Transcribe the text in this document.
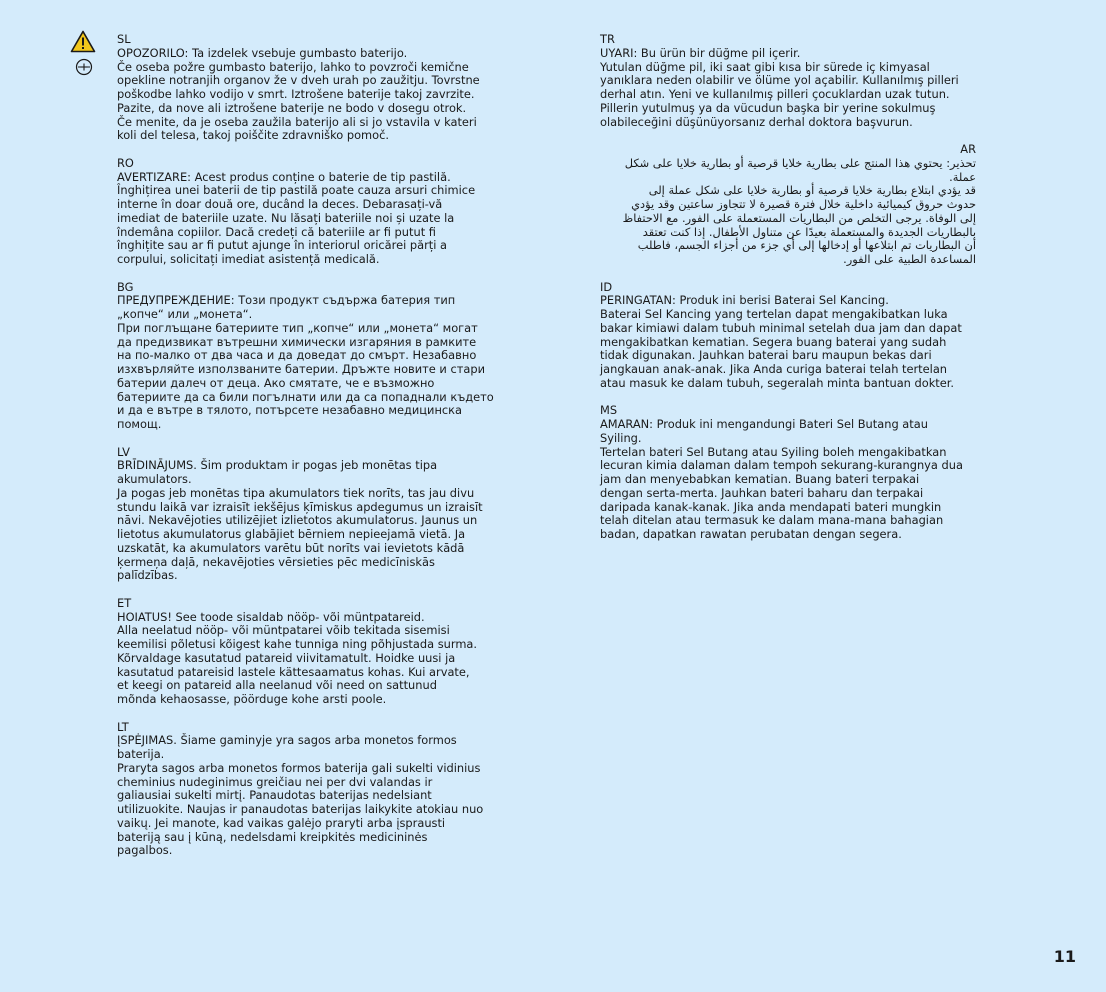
SL
OPOZORILO: Ta izdelek vsebuje gumbasto baterijo.
Če oseba požre gumbasto baterijo, lahko to povzroči kemične
opekline notranjih organov že v dveh urah po zaužitju. Tovrstne
poškodbe lahko vodijo v smrt. Iztrošene baterije takoj zavrzite.
Pazite, da nove ali iztrošene baterije ne bodo v dosegu otrok.
Če menite, da je oseba zaužila baterijo ali si jo vstavila v kateri
koli del telesa, takoj poiščite zdravniško pomoč.
RO
AVERTIZARE: Acest produs conține o baterie de tip pastilă.
Înghițirea unei baterii de tip pastilă poate cauza arsuri chimice
interne în doar două ore, ducând la deces. Debarasați-vă
imediat de bateriile uzate. Nu lăsați bateriile noi și uzate la
îndemâna copiilor. Dacă credeți că bateriile ar fi putut fi
înghițite sau ar fi putut ajunge în interiorul oricărei părți a
corpului, solicitați imediat asistență medicală.
BG
ПРЕДУПРЕЖДЕНИЕ: Този продукт съдържа батерия тип
„копче“ или „монета“.
При поглъщане батериите тип „копче“ или „монета“ могат
да предизвикат вътрешни химически изгаряния в рамките
на по-малко от два часа и да доведат до смърт. Незабавно
изхвърляйте използваните батерии. Дръжте новите и стари
батерии далеч от деца. Ако смятате, че е възможно
батериите да са били погълнати или да са попаднали където
и да е вътре в тялото, потърсете незабавно медицинска
помощ.
LV
BRĪDINĀJUMS. Šim produktam ir pogas jeb monētas tipa
akumulators.
Ja pogas jeb monētas tipa akumulators tiek norīts, tas jau divu
stundu laikā var izraisīt iekšējus ķīmiskus apdegumus un izraisīt
nāvi. Nekavējoties utilizējiet izlietotos akumulatorus. Jaunus un
lietotus akumulatorus glabājiet bērniem nepieejamā vietā. Ja
uzskatāt, ka akumulators varētu būt norīts vai ievietots kādā
ķermeņa daļā, nekavējoties vērsieties pēc medicīniskās
palīdzības.
ET
HOIATUS! See toode sisaldab nööp- või müntpatareid.
Alla neelatud nööp- või müntpatarei võib tekitada sisemisi
keemilisi põletusi kõigest kahe tunniga ning põhjustada surma.
Kõrvaldage kasutatud patareid viivitamatult. Hoidke uusi ja
kasutatud patareisid lastele kättesaamatus kohas. Kui arvate,
et keegi on patareid alla neelanud või need on sattunud
mõnda kehaosasse, pöörduge kohe arsti poole.
LT
ĮSPĖJIMAS. Šiame gaminyje yra sagos arba monetos formos
baterija.
Praryta sagos arba monetos formos baterija gali sukelti vidinius
cheminius nudeginimus greičiau nei per dvi valandas ir
galiausiai sukelti mirtį. Panaudotas baterijas nedelsiant
utilizuokite. Naujas ir panaudotas baterijas laikykite atokiau nuo
vaikų. Jei manote, kad vaikas galėjo praryti arba įsprausti
bateriją sau į kūną, nedelsdami kreipkitės medicininės
pagalbos.
TR
UYARI: Bu ürün bir düğme pil içerir.
Yutulan düğme pil, iki saat gibi kısa bir sürede iç kimyasal
yanıklara neden olabilir ve ölüme yol açabilir. Kullanılmış pilleri
derhal atın. Yeni ve kullanılmış pilleri çocuklardan uzak tutun.
Pillerin yutulmuş ya da vücudun başka bir yerine sokulmuş
olabileceğini düşünüyorsanız derhal doktora başvurun.
AR
تحذير: يحتوي هذا المنتج على بطارية خلايا قرصية أو بطارية خلايا على شكل
عملة.
قد يؤدي ابتلاع بطارية خلايا قرصية أو بطارية خلايا على شكل عملة إلى
حدوث حروق كيميائية داخلية خلال فترة قصيرة لا تتجاوز ساعتين وقد يؤدي
إلى الوفاة. يرجى التخلص من البطاريات المستعملة على الفور. مع الاحتفاظ
بالبطاريات الجديدة والمستعملة بعيدًا عن متناول الأطفال. إذا كنت تعتقد
أن البطاريات تم ابتلاعها أو إدخالها إلى أي جزء من أجزاء الجسم، فاطلب
المساعدة الطبية على الفور.
ID
PERINGATAN: Produk ini berisi Baterai Sel Kancing.
Baterai Sel Kancing yang tertelan dapat mengakibatkan luka
bakar kimiawi dalam tubuh minimal setelah dua jam dan dapat
mengakibatkan kematian. Segera buang baterai yang sudah
tidak digunakan. Jauhkan baterai baru maupun bekas dari
jangkauan anak-anak. Jika Anda curiga baterai telah tertelan
atau masuk ke dalam tubuh, segeralah minta bantuan dokter.
MS
AMARAN: Produk ini mengandungi Bateri Sel Butang atau
Syiling.
Tertelan bateri Sel Butang atau Syiling boleh mengakibatkan
lecuran kimia dalaman dalam tempoh sekurang-kurangnya dua
jam dan menyebabkan kematian. Buang bateri terpakai
dengan serta-merta. Jauhkan bateri baharu dan terpakai
daripada kanak-kanak. Jika anda mendapati bateri mungkin
telah ditelan atau termasuk ke dalam mana-mana bahagian
badan, dapatkan rawatan perubatan dengan segera.
11
